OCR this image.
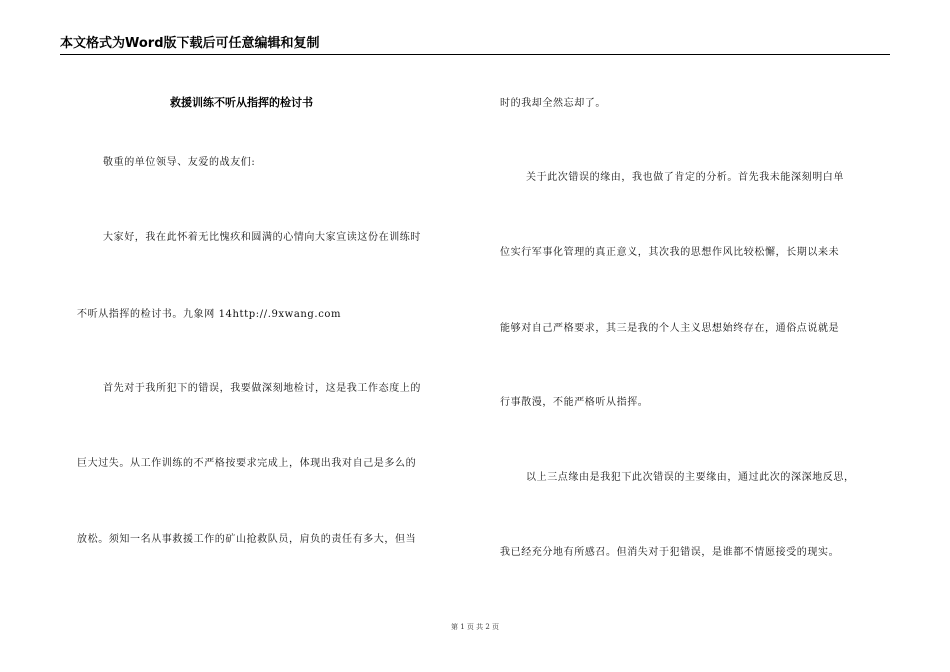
本文格式为Word版下载后可任意编辑和复制
救援训练不听从指挥的检讨书
敬重的单位领导、友爱的战友们:
大家好，我在此怀着无比愧疚和圆满的心情向大家宣读这份在训练时
不听从指挥的检讨书。九象网 14http://.9xwang.com
首先对于我所犯下的错误，我要做深刻地检讨，这是我工作态度上的
巨大过失。从工作训练的不严格按要求完成上，体现出我对自己是多么的
放松。须知一名从事救援工作的矿山抢救队员，肩负的责任有多大，但当
时的我却全然忘却了。
关于此次错误的缘由，我也做了肯定的分析。首先我未能深刻明白单
位实行军事化管理的真正意义，其次我的思想作风比较松懈，长期以来未
能够对自己严格要求，其三是我的个人主义思想始终存在，通俗点说就是
行事散漫，不能严格听从指挥。
以上三点缘由是我犯下此次错误的主要缘由，通过此次的深深地反思，
我已经充分地有所感召。但消失对于犯错误，是谁都不情愿接受的现实。
第 1 页 共 2 页
